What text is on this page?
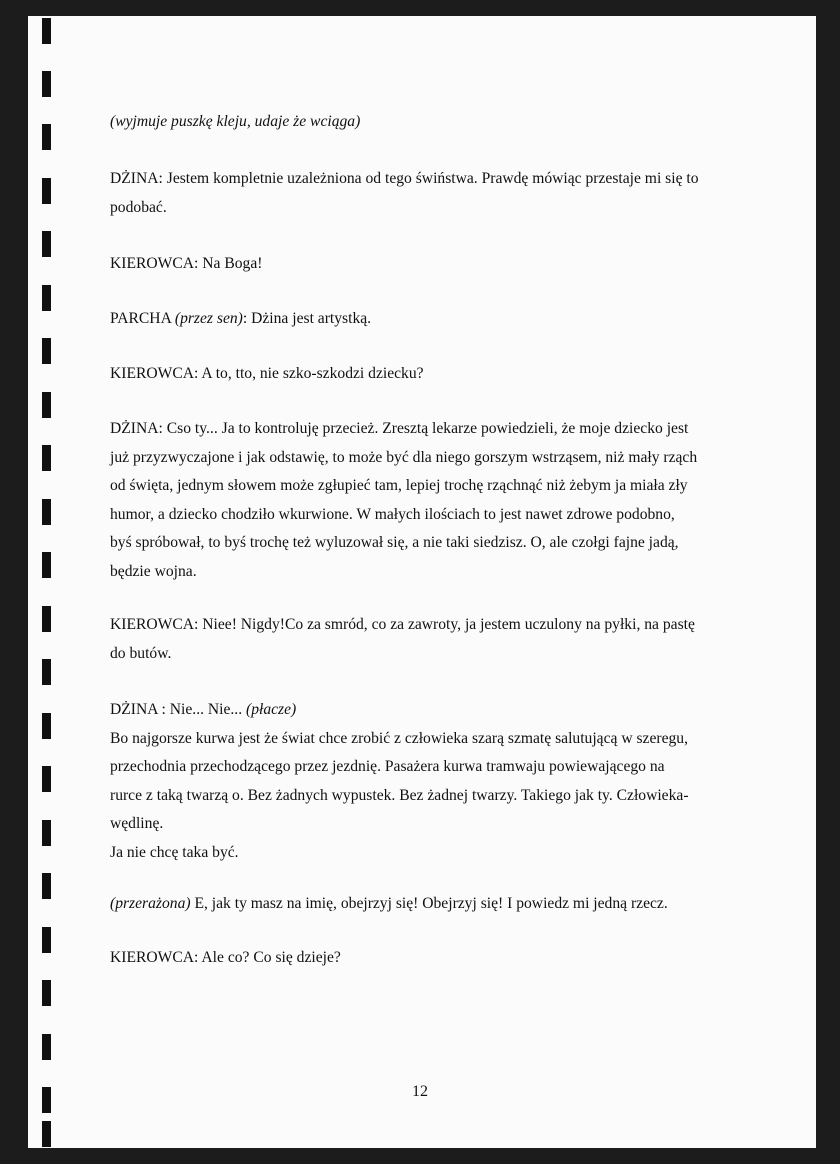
(wyjmuje puszkę kleju, udaje że wciąga)
DŻINA: Jestem kompletnie uzależniona od tego świństwa. Prawdę mówiąc przestaje mi się to
podobać.
KIEROWCA: Na Boga!
PARCHA (przez sen): Dżina jest artystką.
KIEROWCA: A to, tto, nie szko-szkodzi dziecku?
DŻINA: Cso ty... Ja to kontroluję przecież. Zresztą lekarze powiedzieli, że moje dziecko jest
już przyzwyczajone i jak odstawię, to może być dla niego gorszym wstrząsem, niż mały rząch
od święta, jednym słowem może zgłupieć tam, lepiej trochę rząchnąć niż żebym ja miała zły
humor, a dziecko chodziło wkurwione. W małych ilościach to jest nawet zdrowe podobno,
byś spróbował, to byś trochę też wyluzował się, a nie taki siedzisz. O, ale czołgi fajne jadą,
będzie wojna.
KIEROWCA: Niee! Nigdy!Co za smród, co za zawroty, ja jestem uczulony na pyłki, na pastę
do butów.
DŻINA : Nie... Nie... (płacze)
Bo najgorsze kurwa jest że świat chce zrobić z człowieka szarą szmatę salutującą w szeregu,
przechodnia przechodzącego przez jezdnię. Pasażera kurwa tramwaju powiewającego na
rurce z taką twarzą o. Bez żadnych wypustek. Bez żadnej twarzy. Takiego jak ty. Człowieka-
wędlinę.
Ja nie chcę taka być.
(przerażona) E, jak ty masz na imię, obejrzyj się! Obejrzyj się! I powiedz mi jedną rzecz.
KIEROWCA: Ale co? Co się dzieje?
12
